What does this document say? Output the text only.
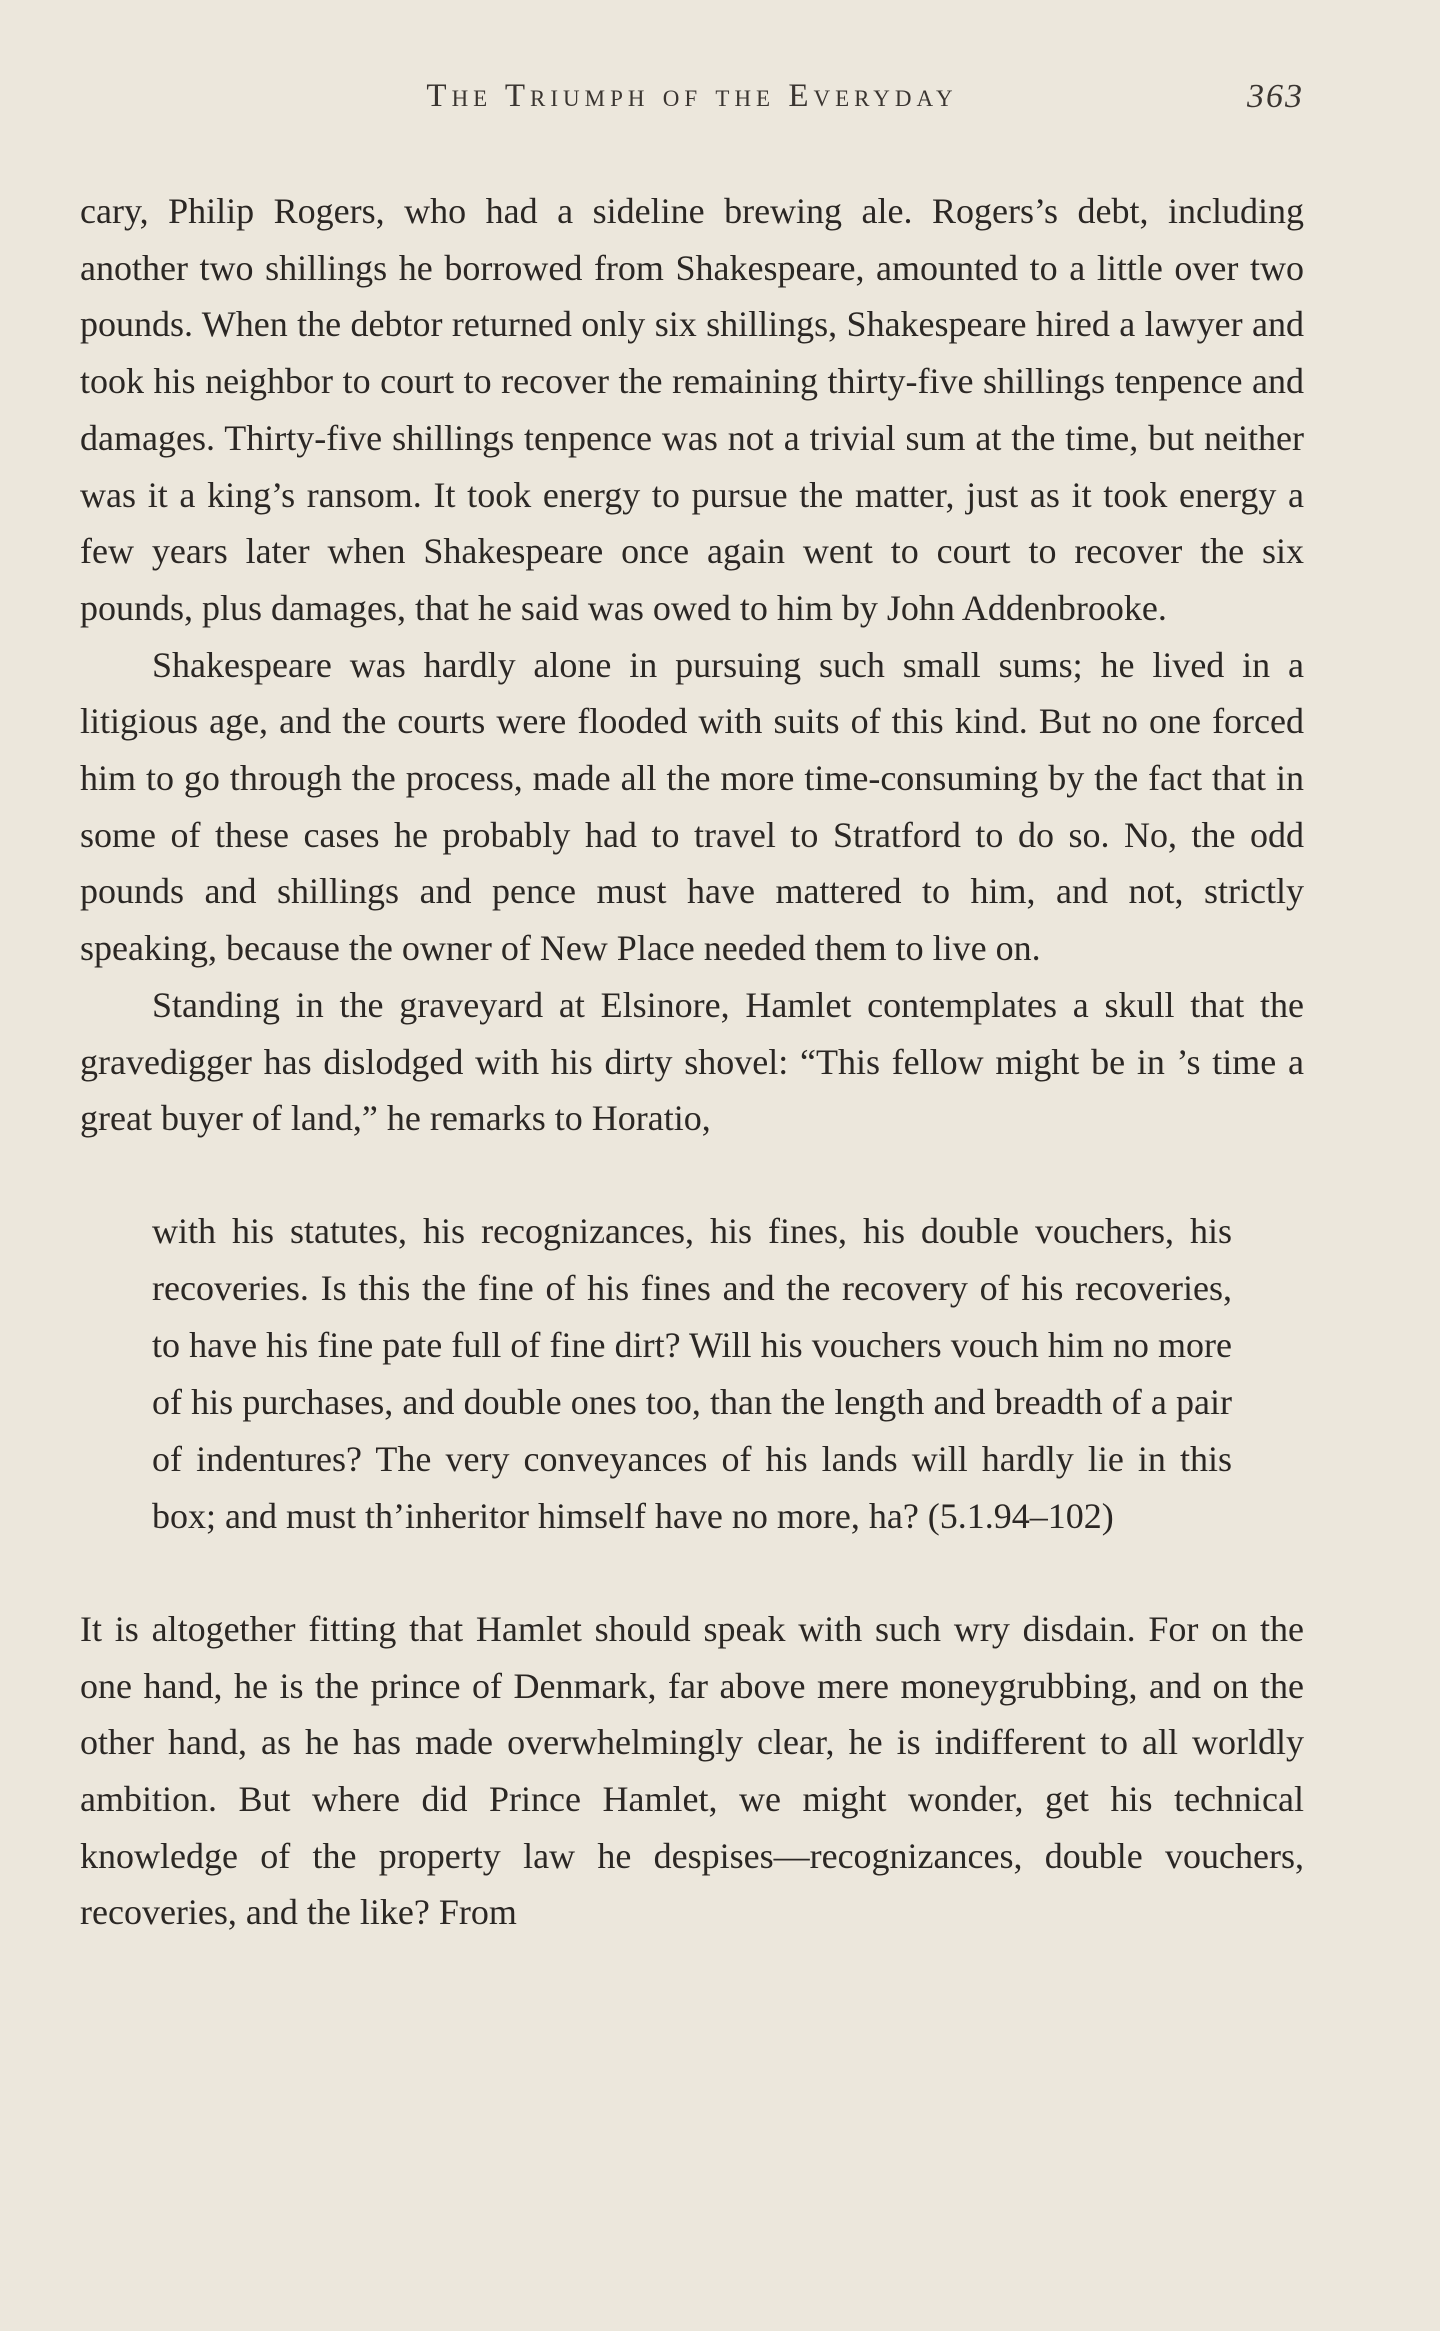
The Triumph of the Everyday	363

cary, Philip Rogers, who had a sideline brewing ale. Rogers’s debt, including another two shillings he borrowed from Shakespeare, amounted to a little over two pounds. When the debtor returned only six shillings, Shakespeare hired a lawyer and took his neighbor to court to recover the remaining thirty-five shillings tenpence and damages. Thirty-five shillings tenpence was not a trivial sum at the time, but neither was it a king’s ransom. It took energy to pursue the matter, just as it took energy a few years later when Shakespeare once again went to court to recover the six pounds, plus damages, that he said was owed to him by John Addenbrooke.

Shakespeare was hardly alone in pursuing such small sums; he lived in a litigious age, and the courts were flooded with suits of this kind. But no one forced him to go through the process, made all the more time-consuming by the fact that in some of these cases he probably had to travel to Stratford to do so. No, the odd pounds and shillings and pence must have mattered to him, and not, strictly speaking, because the owner of New Place needed them to live on.

Standing in the graveyard at Elsinore, Hamlet contemplates a skull that the gravedigger has dislodged with his dirty shovel: “This fellow might be in ’s time a great buyer of land,” he remarks to Horatio,

with his statutes, his recognizances, his fines, his double vouchers, his recoveries. Is this the fine of his fines and the recovery of his recoveries, to have his fine pate full of fine dirt? Will his vouchers vouch him no more of his purchases, and double ones too, than the length and breadth of a pair of indentures? The very conveyances of his lands will hardly lie in this box; and must th’inheritor himself have no more, ha? (5.1.94–102)

It is altogether fitting that Hamlet should speak with such wry disdain. For on the one hand, he is the prince of Denmark, far above mere moneygrubbing, and on the other hand, as he has made overwhelmingly clear, he is indifferent to all worldly ambition. But where did Prince Hamlet, we might wonder, get his technical knowledge of the property law he despises—recognizances, double vouchers, recoveries, and the like? From
